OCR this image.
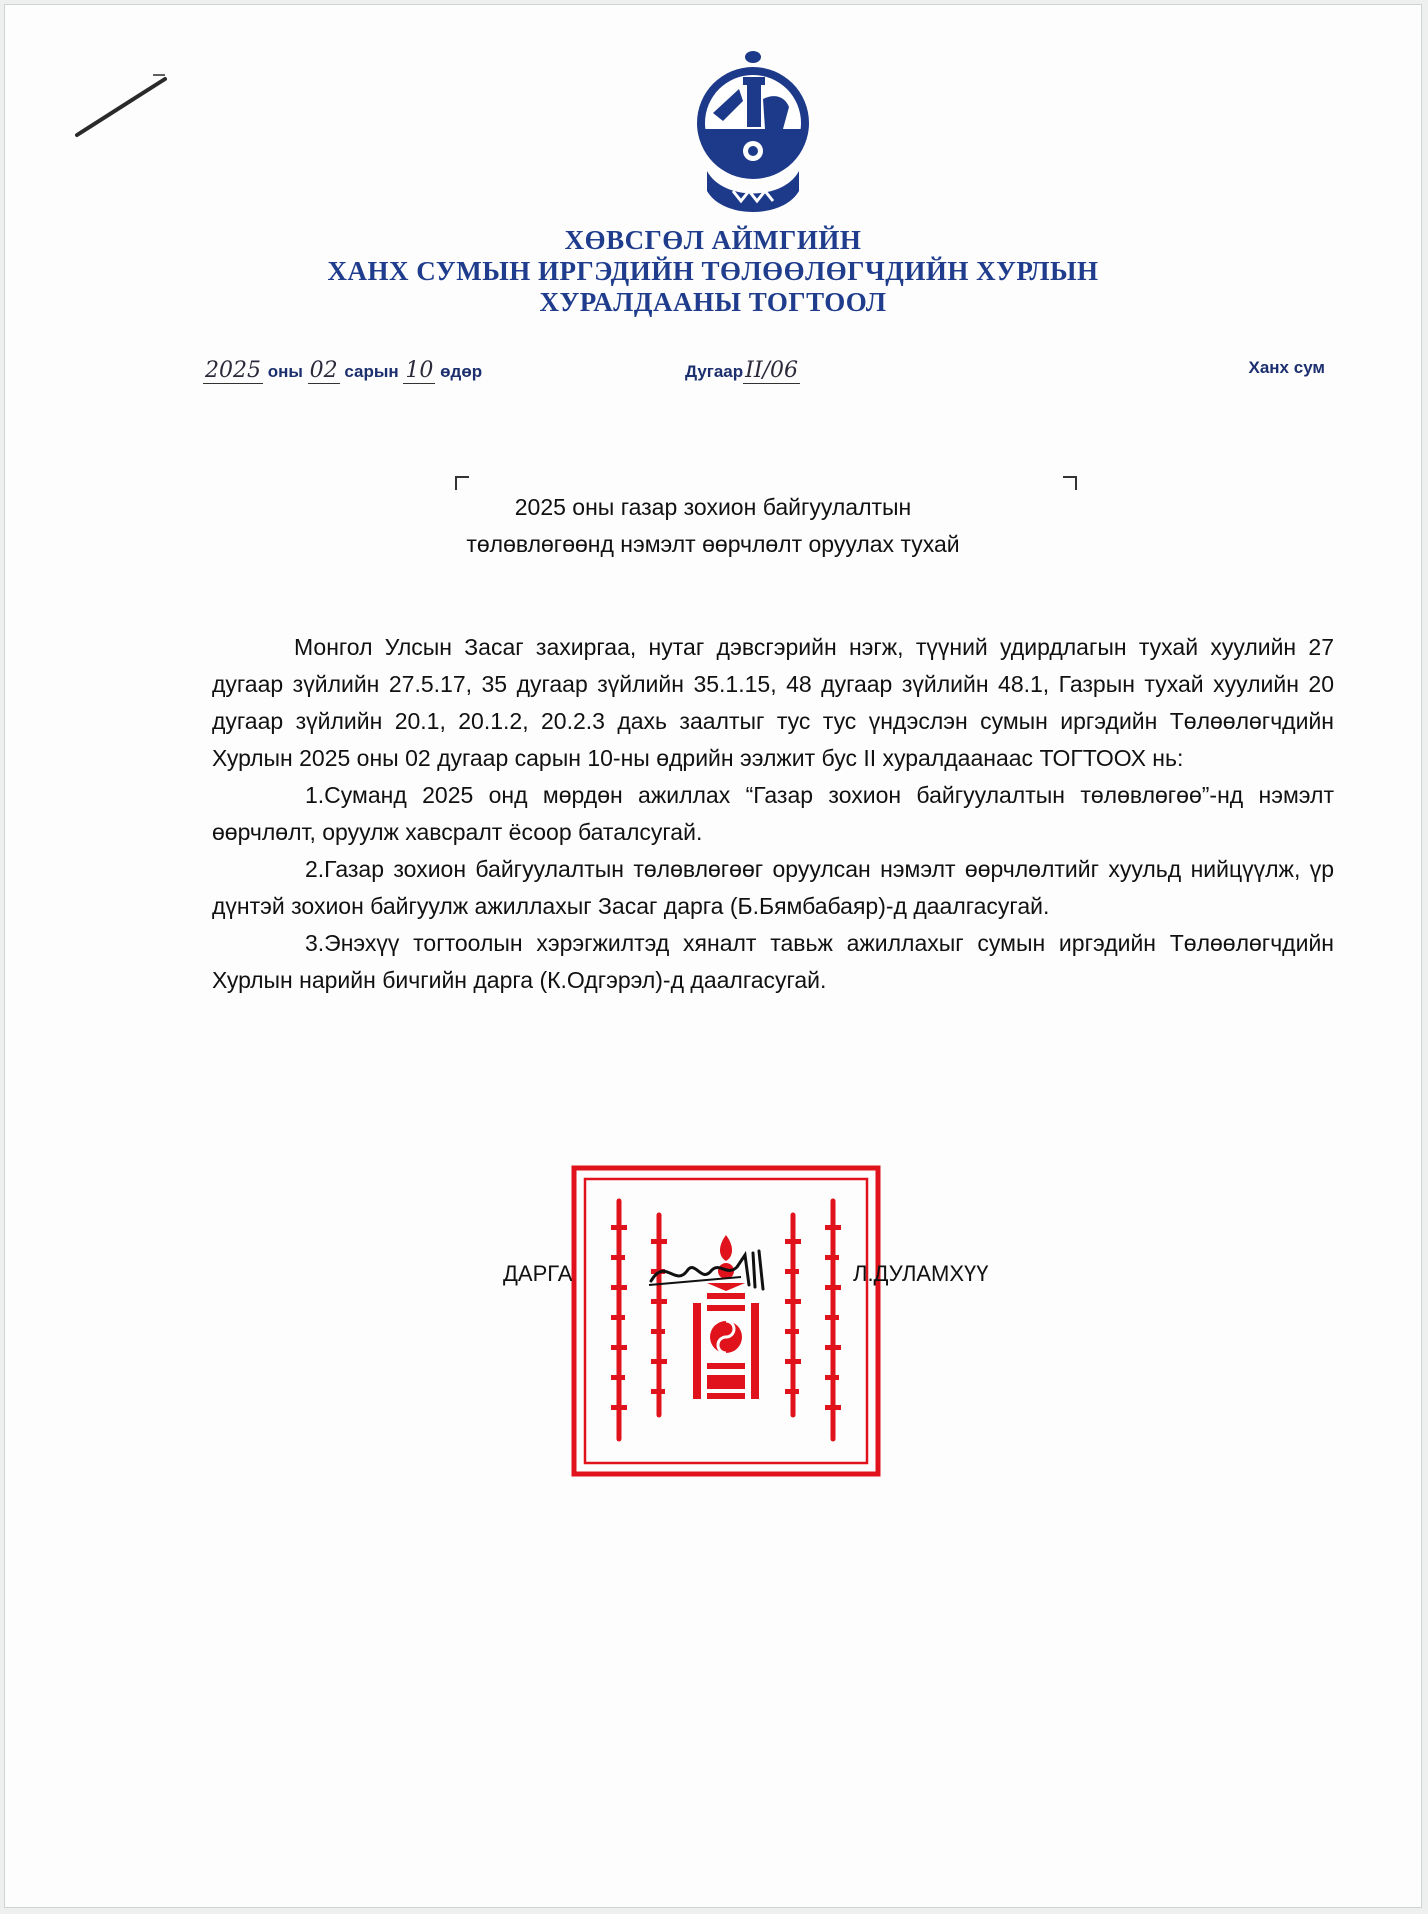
ХӨВСГӨЛ АЙМГИЙН
ХАНХ СУМЫН ИРГЭДИЙН ТӨЛӨӨЛӨГЧДИЙН ХУРЛЫН
ХУРАЛДААНЫ ТОГТООЛ
2025 оны 02 сарын 10 өдөр	ДугаарII/06	Ханх сум
2025 оны газар зохион байгуулалтын
төлөвлөгөөнд нэмэлт өөрчлөлт оруулах тухай

Монгол Улсын Засаг захиргаа, нутаг дэвсгэрийн нэгж, түүний удирдлагын тухай хуулийн 27 дугаар зүйлийн 27.5.17, 35 дугаар зүйлийн 35.1.15, 48 дугаар зүйлийн 48.1, Газрын тухай хуулийн 20 дугаар зүйлийн 20.1, 20.1.2, 20.2.3 дахь заалтыг тус тус үндэслэн сумын иргэдийн Төлөөлөгчдийн Хурлын 2025 оны 02 дугаар сарын 10-ны өдрийн ээлжит бус II хуралдаанаас ТОГТООХ нь:

1.Суманд 2025 онд мөрдөн ажиллах “Газар зохион байгуулалтын төлөвлөгөө”-нд нэмэлт өөрчлөлт, оруулж хавсралт ёсоор баталсугай.

2.Газар зохион байгуулалтын төлөвлөгөөг оруулсан нэмэлт өөрчлөлтийг хуульд нийцүүлж, үр дүнтэй зохион байгуулж ажиллахыг Засаг дарга (Б.Бямбабаяр)-д даалгасугай.

3.Энэхүү тогтоолын хэрэгжилтэд хяналт тавьж ажиллахыг сумын иргэдийн Төлөөлөгчдийн Хурлын нарийн бичгийн дарга (К.Одгэрэл)-д даалгасугай.

ДАРГА	Л.ДУЛАМХҮҮ
